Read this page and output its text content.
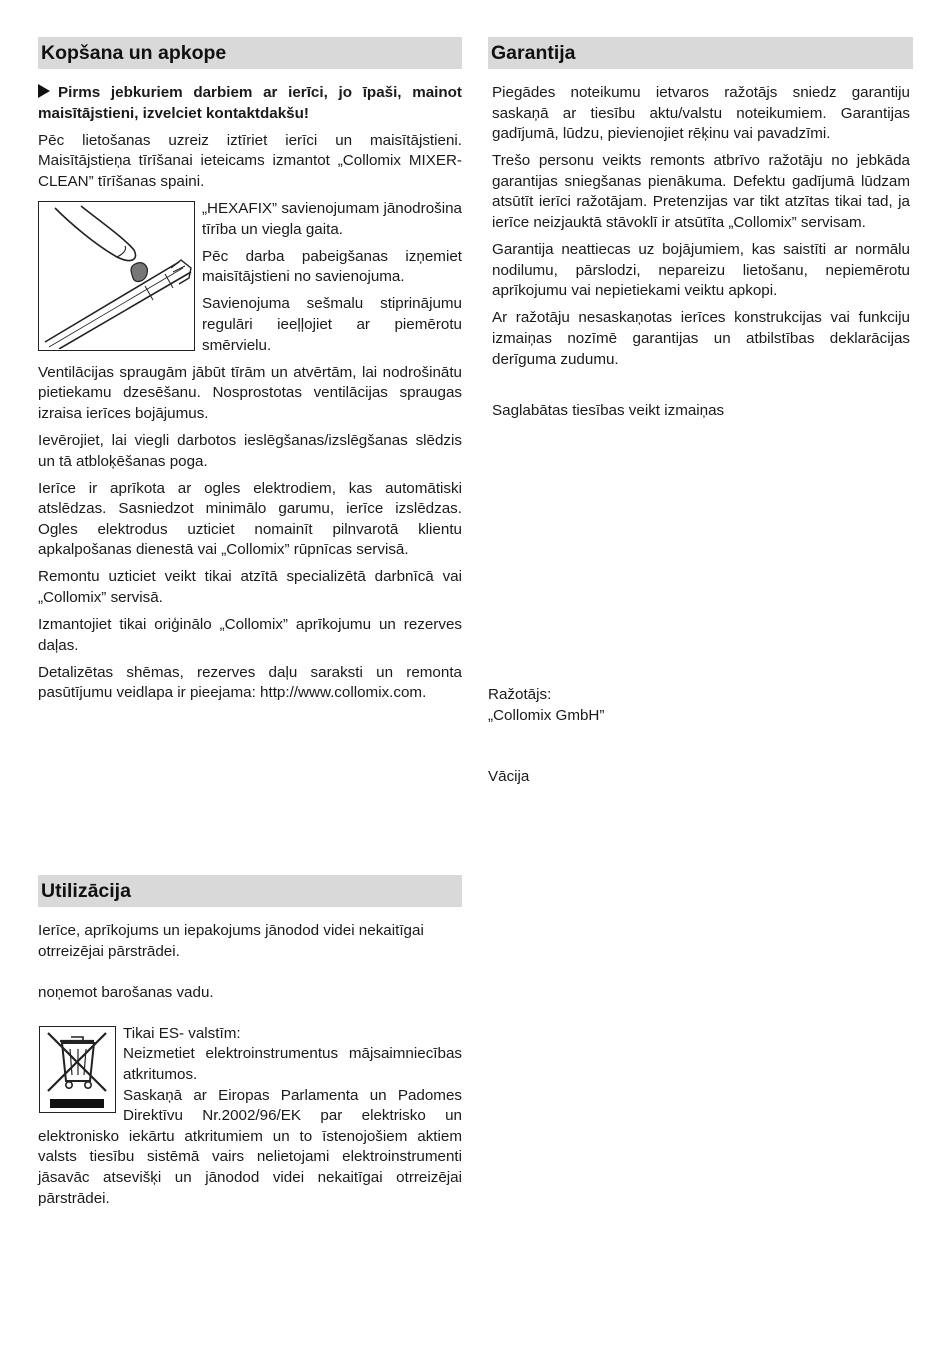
Kopšana un apkope

Pirms jebkuriem darbiem ar ierīci, jo īpaši, mainot maisītājstieni, izvelciet kontaktdakšu!

Pēc lietošanas uzreiz iztīriet ierīci un maisītājstieni. Maisītājstieņa tīrīšanai ieteicams izmantot „Collomix MIXER-CLEAN” tīrīšanas spaini.

„HEXAFIX” savienojumam jānodrošina tīrība un viegla gaita.

Pēc darba pabeigšanas izņemiet maisītājstieni no savienojuma.

Savienojuma sešmalu stiprinājumu regulāri ieeļļojiet ar piemērotu smērvielu.

Ventilācijas spraugām jābūt tīrām un atvērtām, lai nodrošinātu pietiekamu dzesēšanu. Nosprostotas ventilācijas spraugas izraisa ierīces bojājumus.

Ievērojiet, lai viegli darbotos ieslēgšanas/izslēgšanas slēdzis un tā atbloķēšanas poga.

Ierīce ir aprīkota ar ogles elektrodiem, kas automātiski atslēdzas. Sasniedzot minimālo garumu, ierīce izslēdzas. Ogles elektrodus uzticiet nomainīt pilnvarotā klientu apkalpošanas dienestā vai „Collomix” rūpnīcas servisā.

Remontu uzticiet veikt tikai atzītā specializētā darbnīcā vai „Collomix” servisā.

Izmantojiet tikai oriģinālo „Collomix” aprīkojumu un rezerves daļas.

Detalizētas shēmas, rezerves daļu saraksti un remonta pasūtījumu veidlapa ir pieejama: http://www.collomix.com.

Garantija

Piegādes noteikumu ietvaros ražotājs sniedz garantiju saskaņā ar tiesību aktu/valstu noteikumiem. Garantijas gadījumā, lūdzu, pievienojiet rēķinu vai pavadzīmi.

Trešo personu veikts remonts atbrīvo ražotāju no jebkāda garantijas sniegšanas pienākuma. Defektu gadījumā lūdzam atsūtīt ierīci ražotājam. Pretenzijas var tikt atzītas tikai tad, ja ierīce neizjauktā stāvoklī ir atsūtīta „Collomix” servisam.

Garantija neattiecas uz bojājumiem, kas saistīti ar normālu nodilumu, pārslodzi, nepareizu lietošanu, nepiemērotu aprīkojumu vai nepietiekami veiktu apkopi.

Ar ražotāju nesaskaņotas ierīces konstrukcijas vai funkciju izmaiņas nozīmē garantijas un atbilstības deklarācijas derīguma zudumu.

Saglabātas tiesības veikt izmaiņas

Ražotājs:
„Collomix GmbH”
Vācija
Utilizācija

Ierīce, aprīkojums un iepakojums jānodod videi nekaitīgai otrreizējai pārstrādei.

noņemot barošanas vadu.

Tikai ES- valstīm:

Neizmetiet elektroinstrumentus mājsaimniecības atkritumos.

Saskaņā ar Eiropas Parlamenta un Padomes Direktīvu Nr.2002/96/EK par elektrisko un elektronisko iekārtu atkritumiem un to īstenojošiem aktiem valsts tiesību sistēmā vairs nelietojami elektroinstrumenti jāsavāc atsevišķi un jānodod videi nekaitīgai otrreizējai pārstrādei.
